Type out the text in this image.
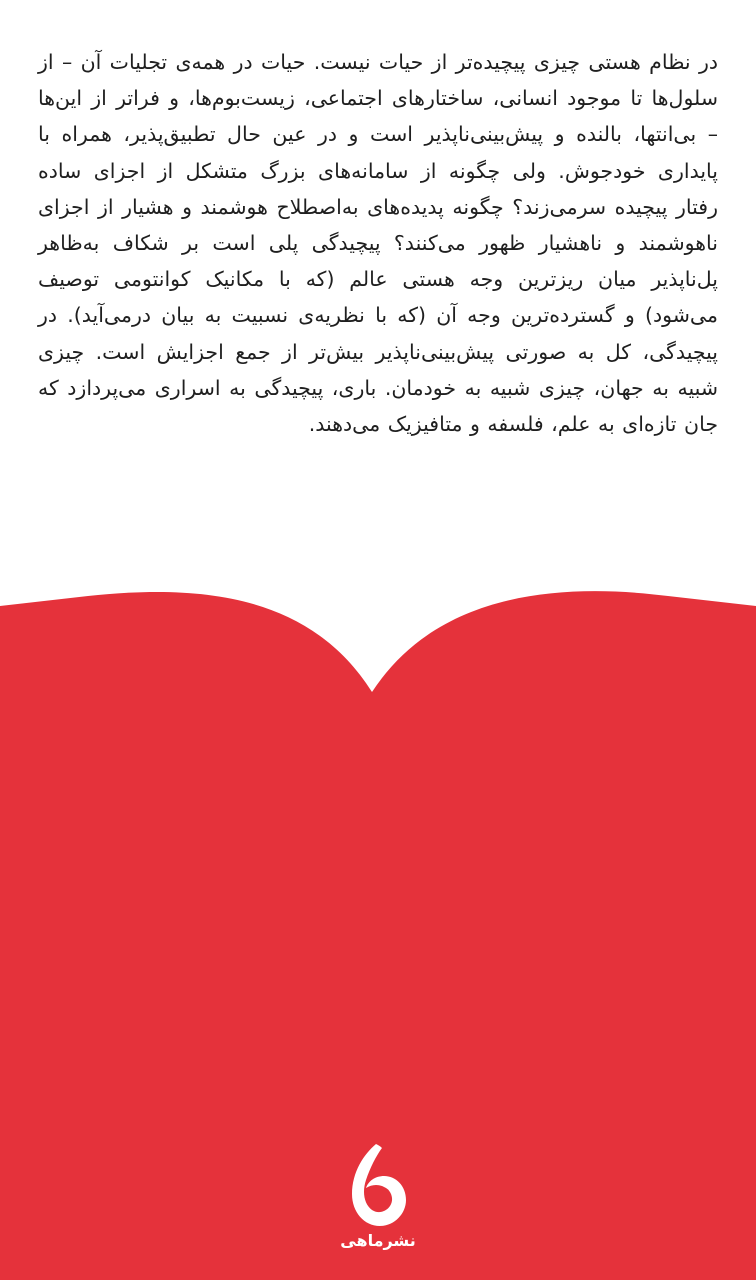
در نظام هستی چیزی پیچیده‌تر از حیات نیست. حیات در همه‌ی تجلیات آن – از سلول‌ها تا موجود انسانی، ساختارهای اجتماعی، زیست‌بوم‌ها، و فراتر از این‌ها – بی‌انتها، بالنده و پیش‌بینی‌ناپذیر است و در عین حال تطبیق‌پذیر، همراه با پایداری خودجوش. ولی چگونه از سامانه‌های بزرگ متشکل از اجزای ساده رفتار پیچیده سرمی‌زند؟ چگونه پدیده‌های به‌اصطلاح هوشمند و هشیار از اجزای ناهوشمند و ناهشیار ظهور می‌کنند؟ پیچیدگی پلی است بر شکاف به‌ظاهر پل‌ناپذیر میان ریزترین وجه هستی عالم (که با مکانیک کوانتومی توصیف می‌شود) و گسترده‌ترین وجه آن (که با نظریه‌ی نسبیت به بیان درمی‌آید). در پیچیدگی، کل به صورتی پیش‌بینی‌ناپذیر بیش‌تر از جمع اجزایش است. چیزی شبیه به جهان، چیزی شبیه به خودمان. باری، پیچیدگی به اسراری می‌پردازد که جان تازه‌ای به علم، فلسفه و متافیزیک می‌دهند.
نشرماهی
